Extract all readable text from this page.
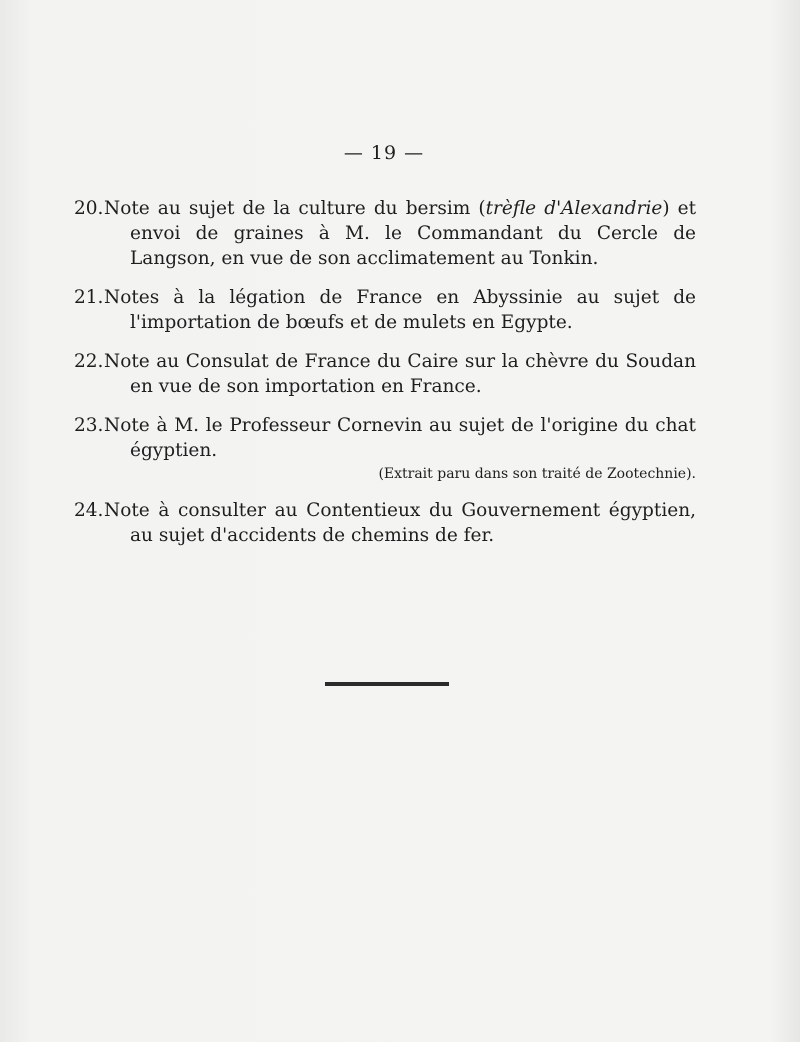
— 19 —
20. Note au sujet de la culture du bersim (trèfle d'Alexandrie) et envoi de graines à M. le Commandant du Cercle de Langson, en vue de son acclimatement au Tonkin.
21. Notes à la légation de France en Abyssinie au sujet de l'importation de bœufs et de mulets en Egypte.
22. Note au Consulat de France du Caire sur la chèvre du Soudan en vue de son importation en France.
23. Note à M. le Professeur Cornevin au sujet de l'origine du chat égyptien.
(Extrait paru dans son traité de Zootechnie).
24. Note à consulter au Contentieux du Gouvernement égyptien, au sujet d'accidents de chemins de fer.
